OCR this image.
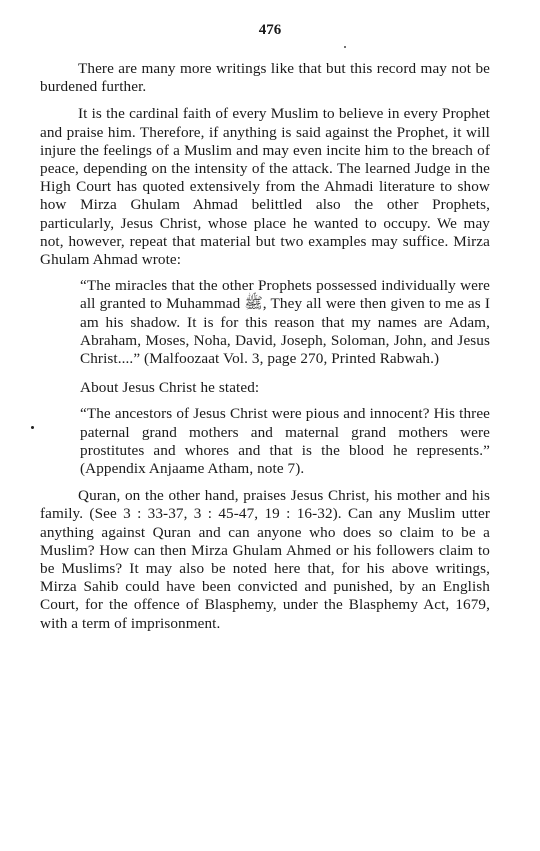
476

There are many more writings like that but this record may not be burdened further.

It is the cardinal faith of every Muslim to believe in every Prophet and praise him. Therefore, if anything is said against the Prophet, it will injure the feelings of a Muslim and may even incite him to the breach of peace, depending on the intensity of the attack. The learned Judge in the High Court has quoted extensively from the Ahmadi literature to show how Mirza Ghulam Ahmad belittled also the other Prophets, particularly, Jesus Christ, whose place he wanted to occupy. We may not, however, repeat that material but two examples may suffice. Mirza Ghulam Ahmad wrote:

“The miracles that the other Prophets possessed individually were all granted to Muhammad ﷺ, They all were then given to me as I am his shadow. It is for this reason that my names are Adam, Abraham, Moses, Noha, David, Joseph, Soloman, John, and Jesus Christ....” (Malfoozaat Vol. 3, page 270, Printed Rabwah.)
About Jesus Christ he stated:
“The ancestors of Jesus Christ were pious and innocent? His three paternal grand mothers and maternal grand mothers were prostitutes and whores and that is the blood he represents.” (Appendix Anjaame Atham, note 7).

Quran, on the other hand, praises Jesus Christ, his mother and his family. (See 3 : 33-37, 3 : 45-47, 19 : 16-32). Can any Muslim utter anything against Quran and can anyone who does so claim to be a Muslim? How can then Mirza Ghulam Ahmed or his followers claim to be Muslims? It may also be noted here that, for his above writings, Mirza Sahib could have been convicted and punished, by an English Court, for the offence of Blasphemy, under the Blasphemy Act, 1679, with a term of imprisonment.
